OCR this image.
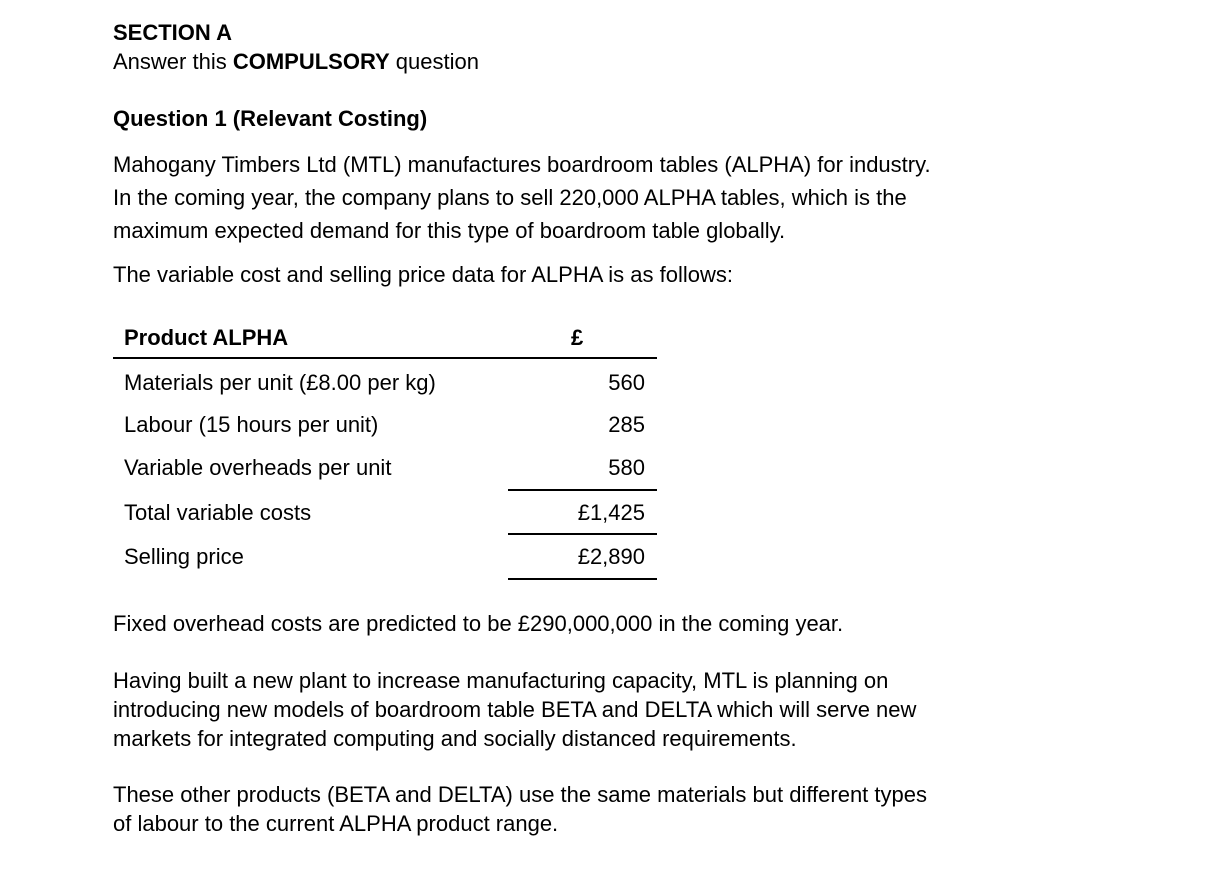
SECTION A
Answer this COMPULSORY question
Question 1 (Relevant Costing)
Mahogany Timbers Ltd (MTL) manufactures boardroom tables (ALPHA) for industry.
In the coming year, the company plans to sell 220,000 ALPHA tables, which is the
maximum expected demand for this type of boardroom table globally.
The variable cost and selling price data for ALPHA is as follows:
Product ALPHA	£
Materials per unit (£8.00 per kg)	560
Labour (15 hours per unit)	285
Variable overheads per unit	580
Total variable costs	£1,425
Selling price	£2,890
Fixed overhead costs are predicted to be £290,000,000 in the coming year.
Having built a new plant to increase manufacturing capacity, MTL is planning on
introducing new models of boardroom table BETA and DELTA which will serve new
markets for integrated computing and socially distanced requirements.
These other products (BETA and DELTA) use the same materials but different types
of labour to the current ALPHA product range.
